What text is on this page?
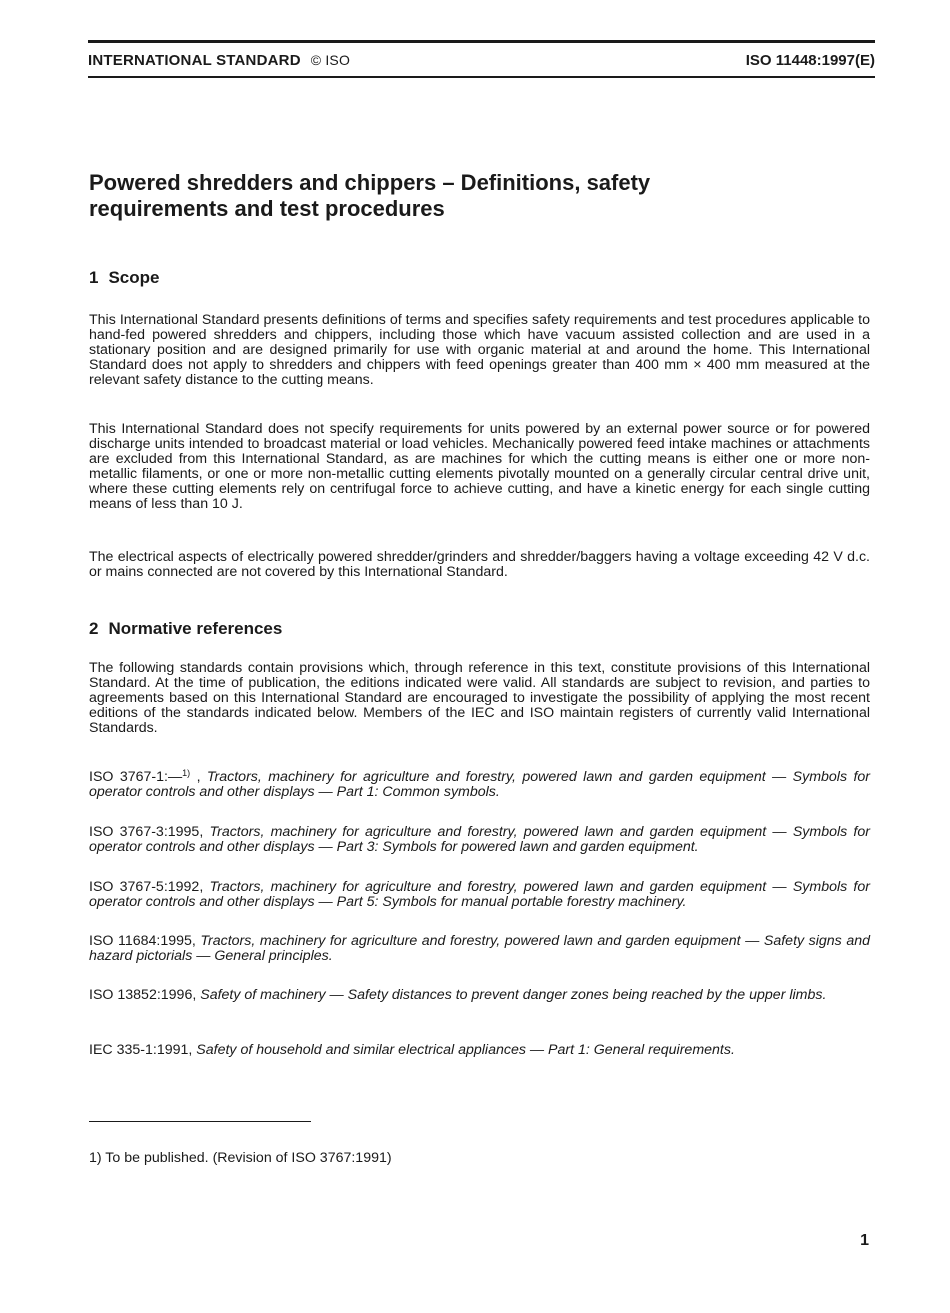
INTERNATIONAL STANDARD © ISO	ISO 11448:1997(E)
Powered shredders and chippers – Definitions, safety requirements and test procedures
1 Scope

This International Standard presents definitions of terms and specifies safety requirements and test procedures applicable to hand-fed powered shredders and chippers, including those which have vacuum assisted collection and are used in a stationary position and are designed primarily for use with organic material at and around the home. This International Standard does not apply to shredders and chippers with feed openings greater than 400 mm × 400 mm measured at the relevant safety distance to the cutting means.

This International Standard does not specify requirements for units powered by an external power source or for powered discharge units intended to broadcast material or load vehicles. Mechanically powered feed intake machines or attachments are excluded from this International Standard, as are machines for which the cutting means is either one or more non-metallic filaments, or one or more non-metallic cutting elements pivotally mounted on a generally circular central drive unit, where these cutting elements rely on centrifugal force to achieve cutting, and have a kinetic energy for each single cutting means of less than 10 J.

The electrical aspects of electrically powered shredder/grinders and shredder/baggers having a voltage exceeding 42 V d.c. or mains connected are not covered by this International Standard.

2 Normative references

The following standards contain provisions which, through reference in this text, constitute provisions of this International Standard. At the time of publication, the editions indicated were valid. All standards are subject to revision, and parties to agreements based on this International Standard are encouraged to investigate the possibility of applying the most recent editions of the standards indicated below. Members of the IEC and ISO maintain registers of currently valid International Standards.

ISO 3767-1:—$^{1)}$ , Tractors, machinery for agriculture and forestry, powered lawn and garden equipment — Symbols for operator controls and other displays — Part 1: Common symbols.

ISO 3767-3:1995, Tractors, machinery for agriculture and forestry, powered lawn and garden equipment — Symbols for operator controls and other displays — Part 3: Symbols for powered lawn and garden equipment.

ISO 3767-5:1992, Tractors, machinery for agriculture and forestry, powered lawn and garden equipment — Symbols for operator controls and other displays — Part 5: Symbols for manual portable forestry machinery.

ISO 11684:1995, Tractors, machinery for agriculture and forestry, powered lawn and garden equipment — Safety signs and hazard pictorials — General principles.

ISO 13852:1996, Safety of machinery — Safety distances to prevent danger zones being reached by the upper limbs.

IEC 335-1:1991, Safety of household and similar electrical appliances — Part 1: General requirements.

1) To be published. (Revision of ISO 3767:1991)

1
